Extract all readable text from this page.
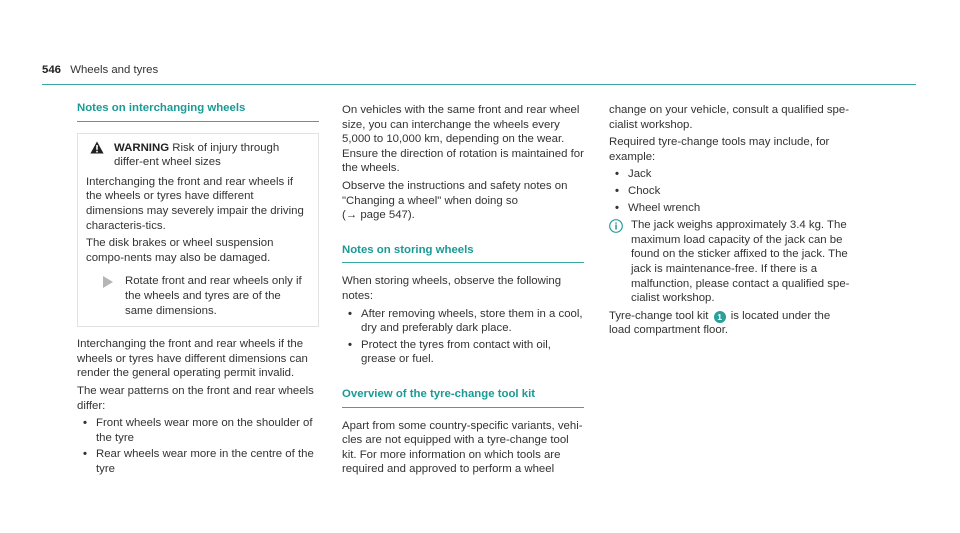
546 Wheels and tyres
Notes on interchanging wheels
WARNING Risk of injury through differ-ent wheel sizes

Interchanging the front and rear wheels if the wheels or tyres have different dimensions may severely impair the driving characteris-tics.

The disk brakes or wheel suspension compo-nents may also be damaged.

Rotate front and rear wheels only if the wheels and tyres are of the same dimensions.

Interchanging the front and rear wheels if the wheels or tyres have different dimensions can render the general operating permit invalid.

The wear patterns on the front and rear wheels differ:

• Front wheels wear more on the shoulder of the tyre
• Rear wheels wear more in the centre of the tyre

On vehicles with the same front and rear wheel size, you can interchange the wheels every 5,000 to 10,000 km, depending on the wear. Ensure the direction of rotation is maintained for the wheels.

Observe the instructions and safety notes on "Changing a wheel" when doing so
(→ page 547).

Notes on storing wheels

When storing wheels, observe the following notes:

• After removing wheels, store them in a cool, dry and preferably dark place.
• Protect the tyres from contact with oil, grease or fuel.
Overview of the tyre-change tool kit

Apart from some country-specific variants, vehi-cles are not equipped with a tyre-change tool kit. For more information on which tools are required and approved to perform a wheel

change on your vehicle, consult a qualified spe-cialist workshop.

Required tyre-change tools may include, for example:

• Jack
• Chock
• Wheel wrench
i The jack weighs approximately 3.4 kg. The maximum load capacity of the jack can be found on the sticker affixed to the jack. The jack is maintenance-free. If there is a malfunction, please contact a qualified spe-cialist workshop.

Tyre-change tool kit 1 is located under the load compartment floor.
